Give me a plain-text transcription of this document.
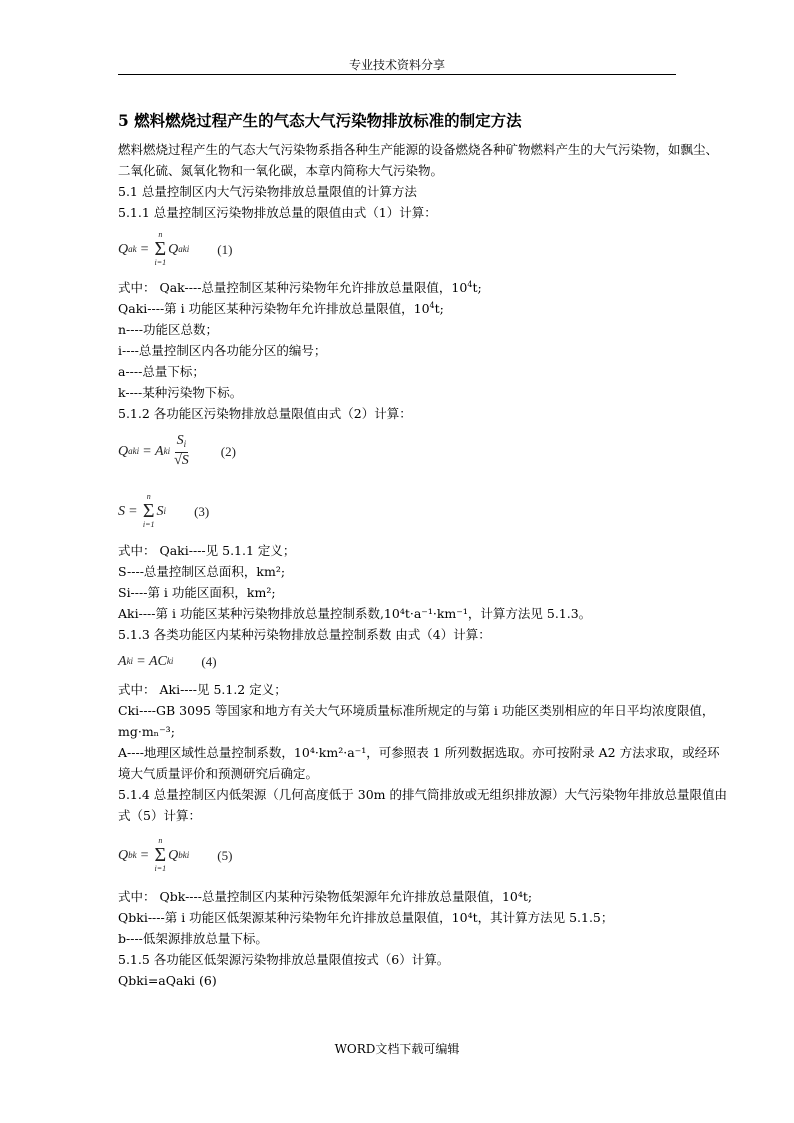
专业技术资料分享

5 燃料燃烧过程产生的气态大气污染物排放标准的制定方法

燃料燃烧过程产生的气态大气污染物系指各种生产能源的设备燃烧各种矿物燃料产生的大气污染物，如飘尘、二氧化硫、氮氧化物和一氧化碳，本章内简称大气污染物。

5.1 总量控制区内大气污染物排放总量限值的计算方法

5.1.1 总量控制区污染物排放总量的限值由式（1）计算：

Q ak =
n
Σ
i=1
Q aki (1)

式中： Qak----总量控制区某种污染物年允许排放总量限值，$10^4t$;

Qaki----第 i 功能区某种污染物年允许排放总量限值，$10^4t$;

n----功能区总数；

i----总量控制区内各功能分区的编号；

a----总量下标；

k----某种污染物下标。

5.1.2 各功能区污染物排放总量限值由式（2）计算：

Q aki = A ki $\frac{S_i}{√S} (2)$
S =
n
Σ
i=1
S i (3)

式中： Qaki----见 5.1.1 定义；

S----总量控制区总面积，km²;

Si----第 i 功能区面积，km²;

Aki----第 i 功能区某种污染物排放总量控制系数,10⁴t·a⁻¹·km⁻¹，计算方法见 5.1.3。

5.1.3 各类功能区内某种污染物排放总量控制系数 由式（4）计算：

A ki = AC ki (4)

式中： Aki----见 5.1.2 定义；

Cki----GB 3095 等国家和地方有关大气环境质量标准所规定的与第 i 功能区类别相应的年日平均浓度限值，mg·mₙ⁻³;

A----地理区域性总量控制系数，10⁴·km²·a⁻¹，可参照表 1 所列数据选取。亦可按附录 A2 方法求取，或经环境大气质量评价和预测研究后确定。

5.1.4 总量控制区内低架源（几何高度低于 30m 的排气筒排放或无组织排放源）大气污染物年排放总量限值由式（5）计算：

Q bk =
n
Σ
i=1
Q bki (5)

式中： Qbk----总量控制区内某种污染物低架源年允许排放总量限值，10⁴t;

Qbki----第 i 功能区低架源某种污染物年允许排放总量限值，10⁴t，其计算方法见 5.1.5；

b----低架源排放总量下标。

5.1.5 各功能区低架源污染物排放总量限值按式（6）计算。

Qbki=aQaki (6)

WORD文档下载可编辑
